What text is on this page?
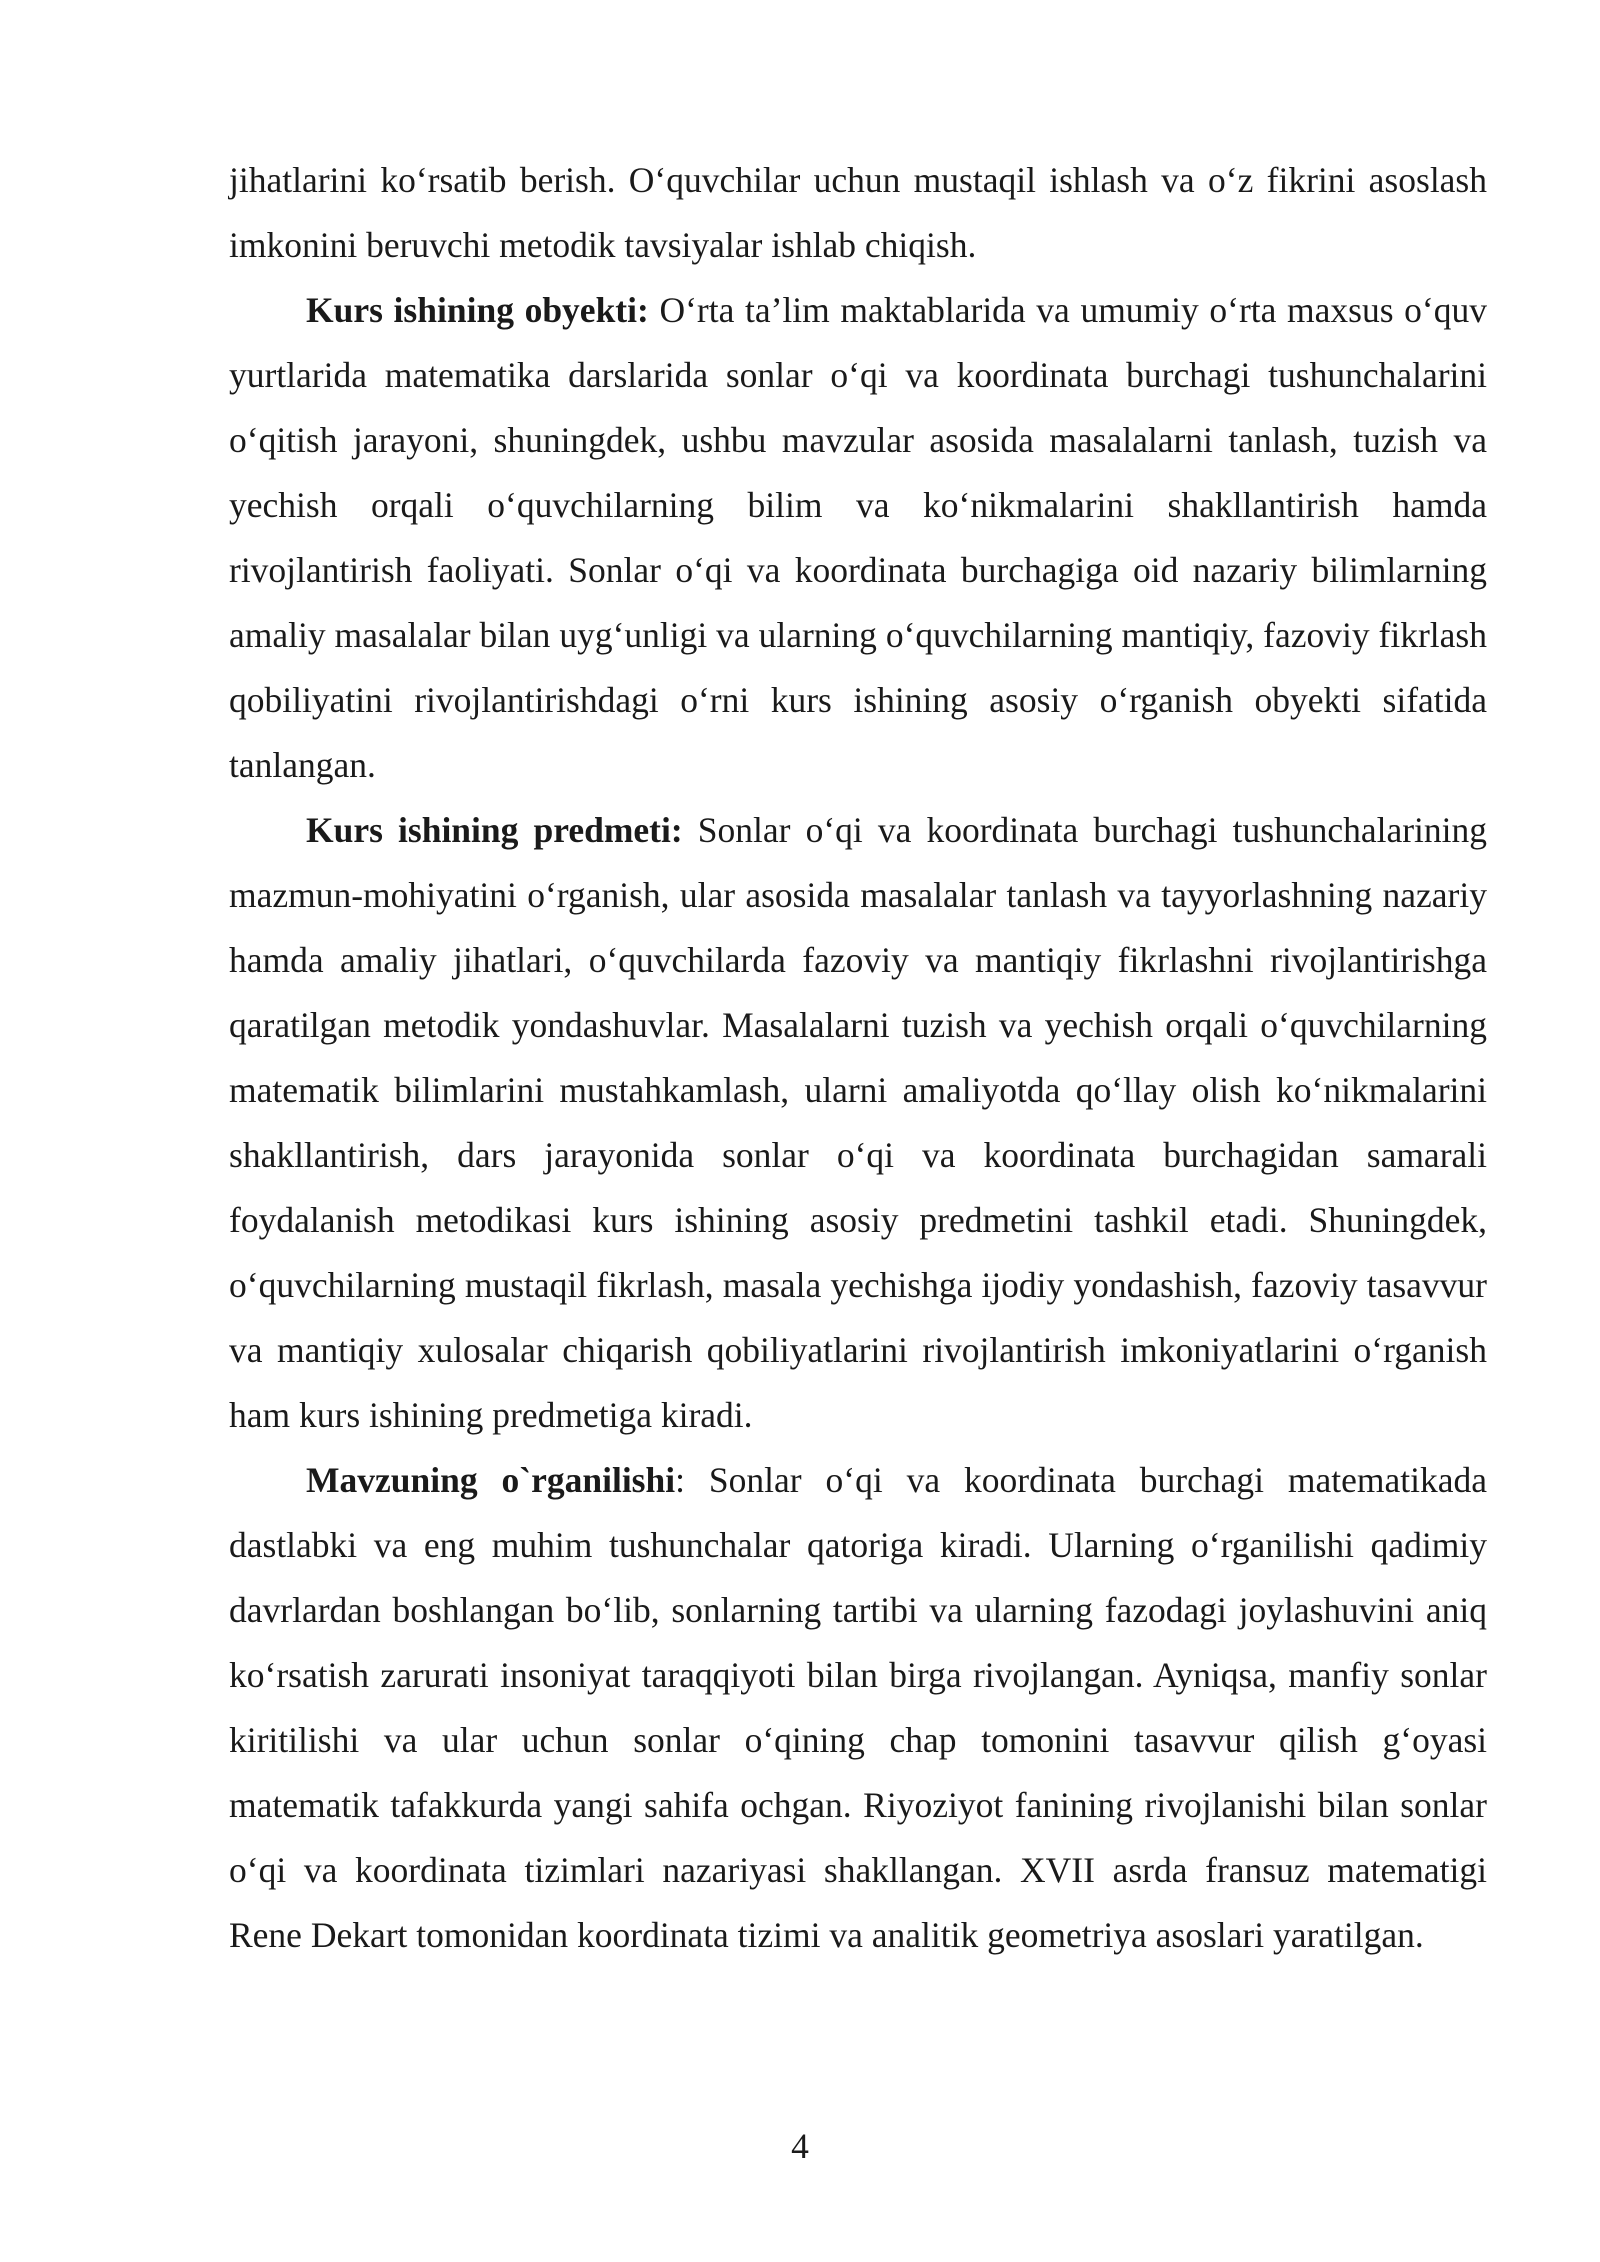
jihatlarini ko‘rsatib berish. O‘quvchilar uchun mustaqil ishlash va o‘z fikrini asoslash imkonini beruvchi metodik tavsiyalar ishlab chiqish.

Kurs ishining obyekti: O‘rta ta’lim maktablarida va umumiy o‘rta maxsus o‘quv yurtlarida matematika darslarida sonlar o‘qi va koordinata burchagi tushunchalarini o‘qitish jarayoni, shuningdek, ushbu mavzular asosida masalalarni tanlash, tuzish va yechish orqali o‘quvchilarning bilim va ko‘nikmalarini shakllantirish hamda rivojlantirish faoliyati. Sonlar o‘qi va koordinata burchagiga oid nazariy bilimlarning amaliy masalalar bilan uyg‘unligi va ularning o‘quvchilarning mantiqiy, fazoviy fikrlash qobiliyatini rivojlantirishdagi o‘rni kurs ishining asosiy o‘rganish obyekti sifatida tanlangan.

Kurs ishining predmeti: Sonlar o‘qi va koordinata burchagi tushunchalarining mazmun-mohiyatini o‘rganish, ular asosida masalalar tanlash va tayyorlashning nazariy hamda amaliy jihatlari, o‘quvchilarda fazoviy va mantiqiy fikrlashni rivojlantirishga qaratilgan metodik yondashuvlar. Masalalarni tuzish va yechish orqali o‘quvchilarning matematik bilimlarini mustahkamlash, ularni amaliyotda qo‘llay olish ko‘nikmalarini shakllantirish, dars jarayonida sonlar o‘qi va koordinata burchagidan samarali foydalanish metodikasi kurs ishining asosiy predmetini tashkil etadi. Shuningdek, o‘quvchilarning mustaqil fikrlash, masala yechishga ijodiy yondashish, fazoviy tasavvur va mantiqiy xulosalar chiqarish qobiliyatlarini rivojlantirish imkoniyatlarini o‘rganish ham kurs ishining predmetiga kiradi.

Mavzuning o`rganilishi: Sonlar o‘qi va koordinata burchagi matematikada dastlabki va eng muhim tushunchalar qatoriga kiradi. Ularning o‘rganilishi qadimiy davrlardan boshlangan bo‘lib, sonlarning tartibi va ularning fazodagi joylashuvini aniq ko‘rsatish zarurati insoniyat taraqqiyoti bilan birga rivojlangan. Ayniqsa, manfiy sonlar kiritilishi va ular uchun sonlar o‘qining chap tomonini tasavvur qilish g‘oyasi matematik tafakkurda yangi sahifa ochgan. Riyoziyot fanining rivojlanishi bilan sonlar o‘qi va koordinata tizimlari nazariyasi shakllangan. XVII asrda fransuz matematigi Rene Dekart tomonidan koordinata tizimi va analitik geometriya asoslari yaratilgan.

4
